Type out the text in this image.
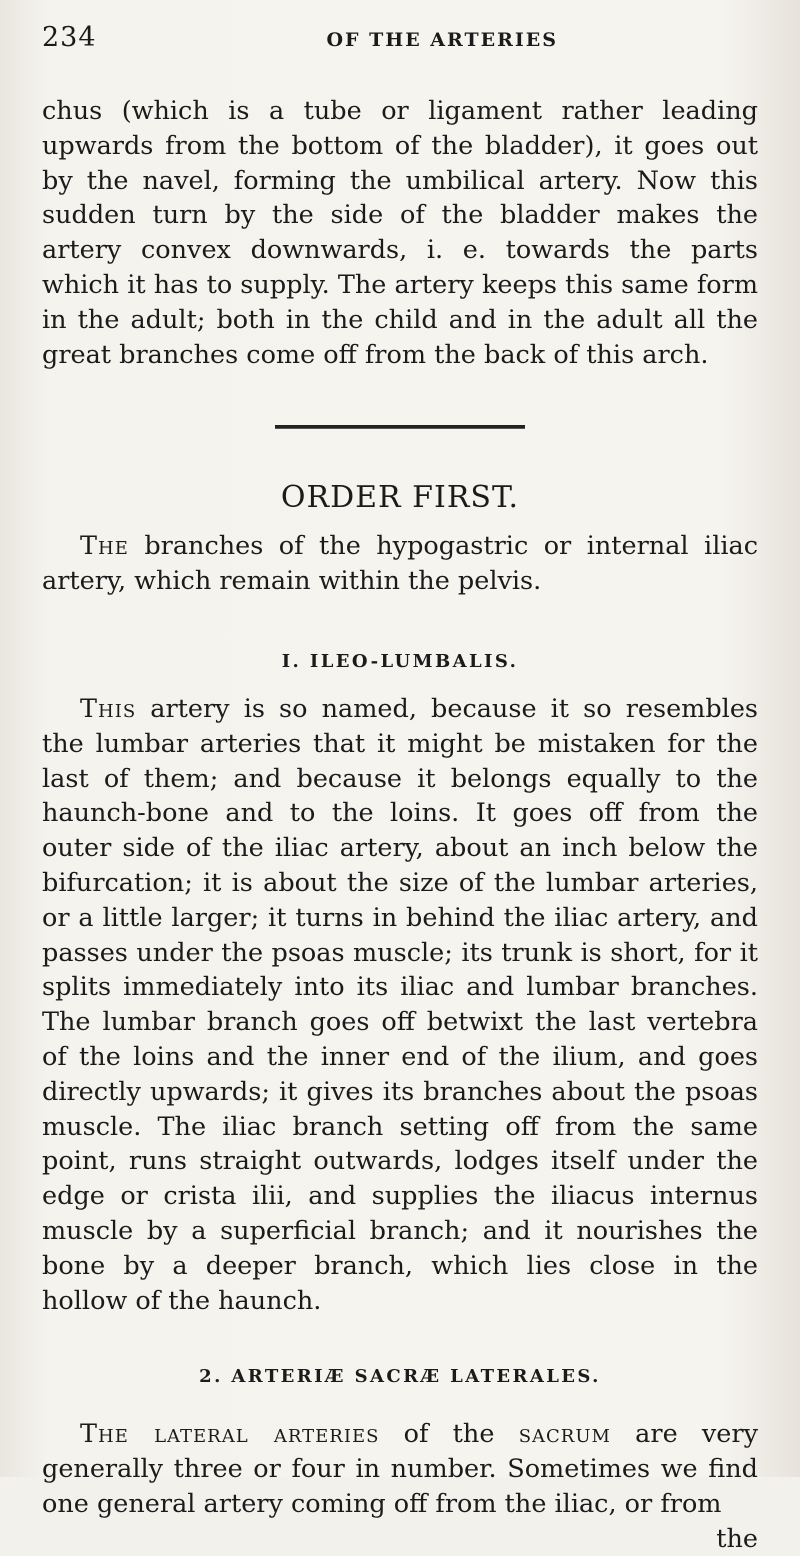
234	OF THE ARTERIES

chus (which is a tube or ligament rather leading upwards from the bottom of the bladder), it goes out by the navel, forming the umbilical artery. Now this sudden turn by the side of the bladder makes the artery convex downwards, i. e. towards the parts which it has to supply. The artery keeps this same form in the adult; both in the child and in the adult all the great branches come off from the back of this arch.

ORDER FIRST.

The branches of the hypogastric or internal iliac artery, which remain within the pelvis.

I. ILEO-LUMBALIS.

This artery is so named, because it so resembles the lumbar arteries that it might be mistaken for the last of them; and because it belongs equally to the haunch-bone and to the loins. It goes off from the outer side of the iliac artery, about an inch below the bifurcation; it is about the size of the lumbar arteries, or a little larger; it turns in behind the iliac artery, and passes under the psoas muscle; its trunk is short, for it splits immediately into its iliac and lumbar branches. The lumbar branch goes off betwixt the last vertebra of the loins and the inner end of the ilium, and goes directly upwards; it gives its branches about the psoas muscle. The iliac branch setting off from the same point, runs straight outwards, lodges itself under the edge or crista ilii, and supplies the iliacus internus muscle by a superficial branch; and it nourishes the bone by a deeper branch, which lies close in the hollow of the haunch.

2. ARTERIÆ SACRÆ LATERALES.

The lateral arteries of the sacrum are very generally three or four in number. Sometimes we find one general artery coming off from the iliac, or from

the
